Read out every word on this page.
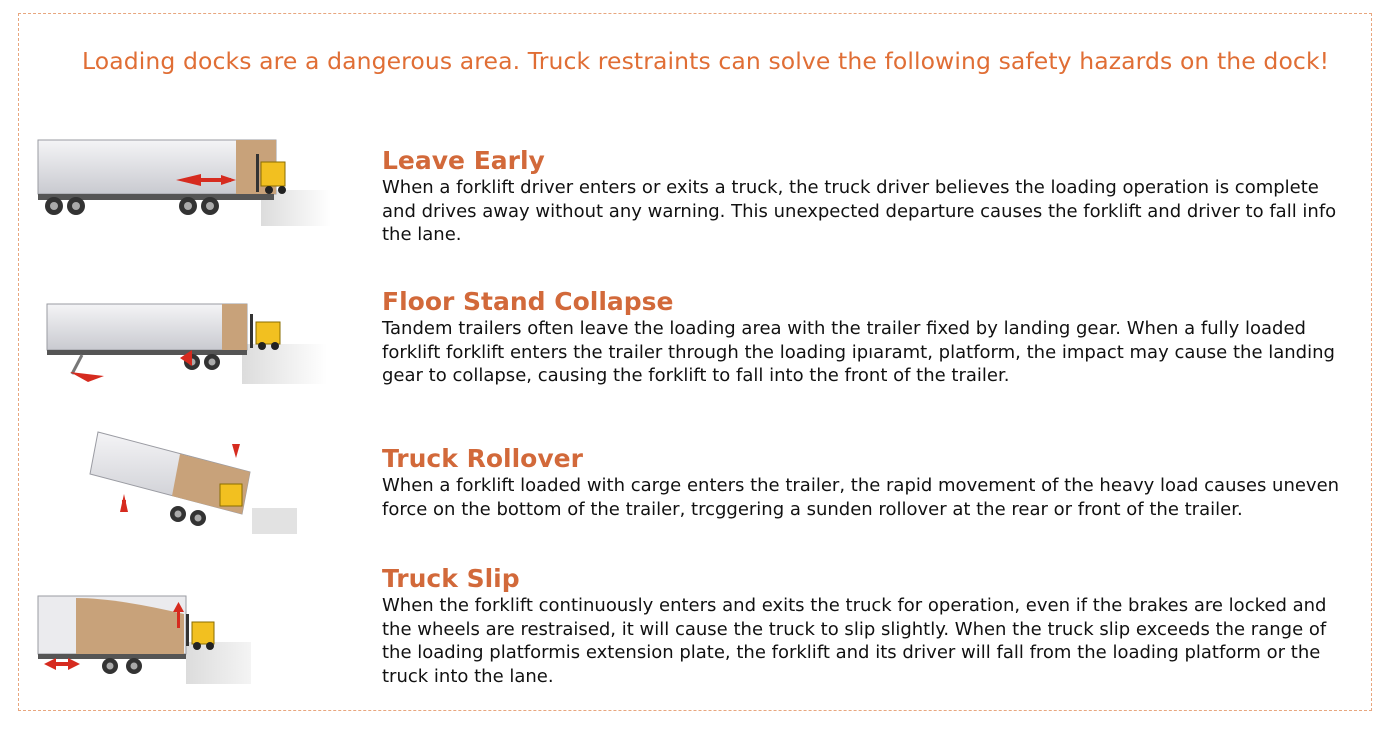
Loading docks are a dangerous area. Truck restraints can solve the following safety hazards on the dock!
Leave Early

When a forklift driver enters or exits a truck, the truck driver believes the loading operation is complete and drives away without any warning. This unexpected departure causes the forklift and driver to fall info the lane.

Floor Stand Collapse

Tandem trailers often leave the loading area with the trailer fixed by landing gear. When a fully loaded forklift forklift enters the trailer through the loading ipıaramt, platform, the impact may cause the landing gear to collapse, causing the forklift to fall into the front of the trailer.

Truck Rollover

When a forklift loaded with carge enters the trailer, the rapid movement of the heavy load causes uneven force on the bottom of the trailer, trcggering a sunden rollover at the rear or front of the trailer.

Truck Slip

When the forklift continuously enters and exits the truck for operation, even if the brakes are locked and the wheels are restraised, it will cause the truck to slip slightly. When the truck slip exceeds the range of the loading platformis extension plate, the forklift and its driver will fall from the loading platform or the truck into the lane.
